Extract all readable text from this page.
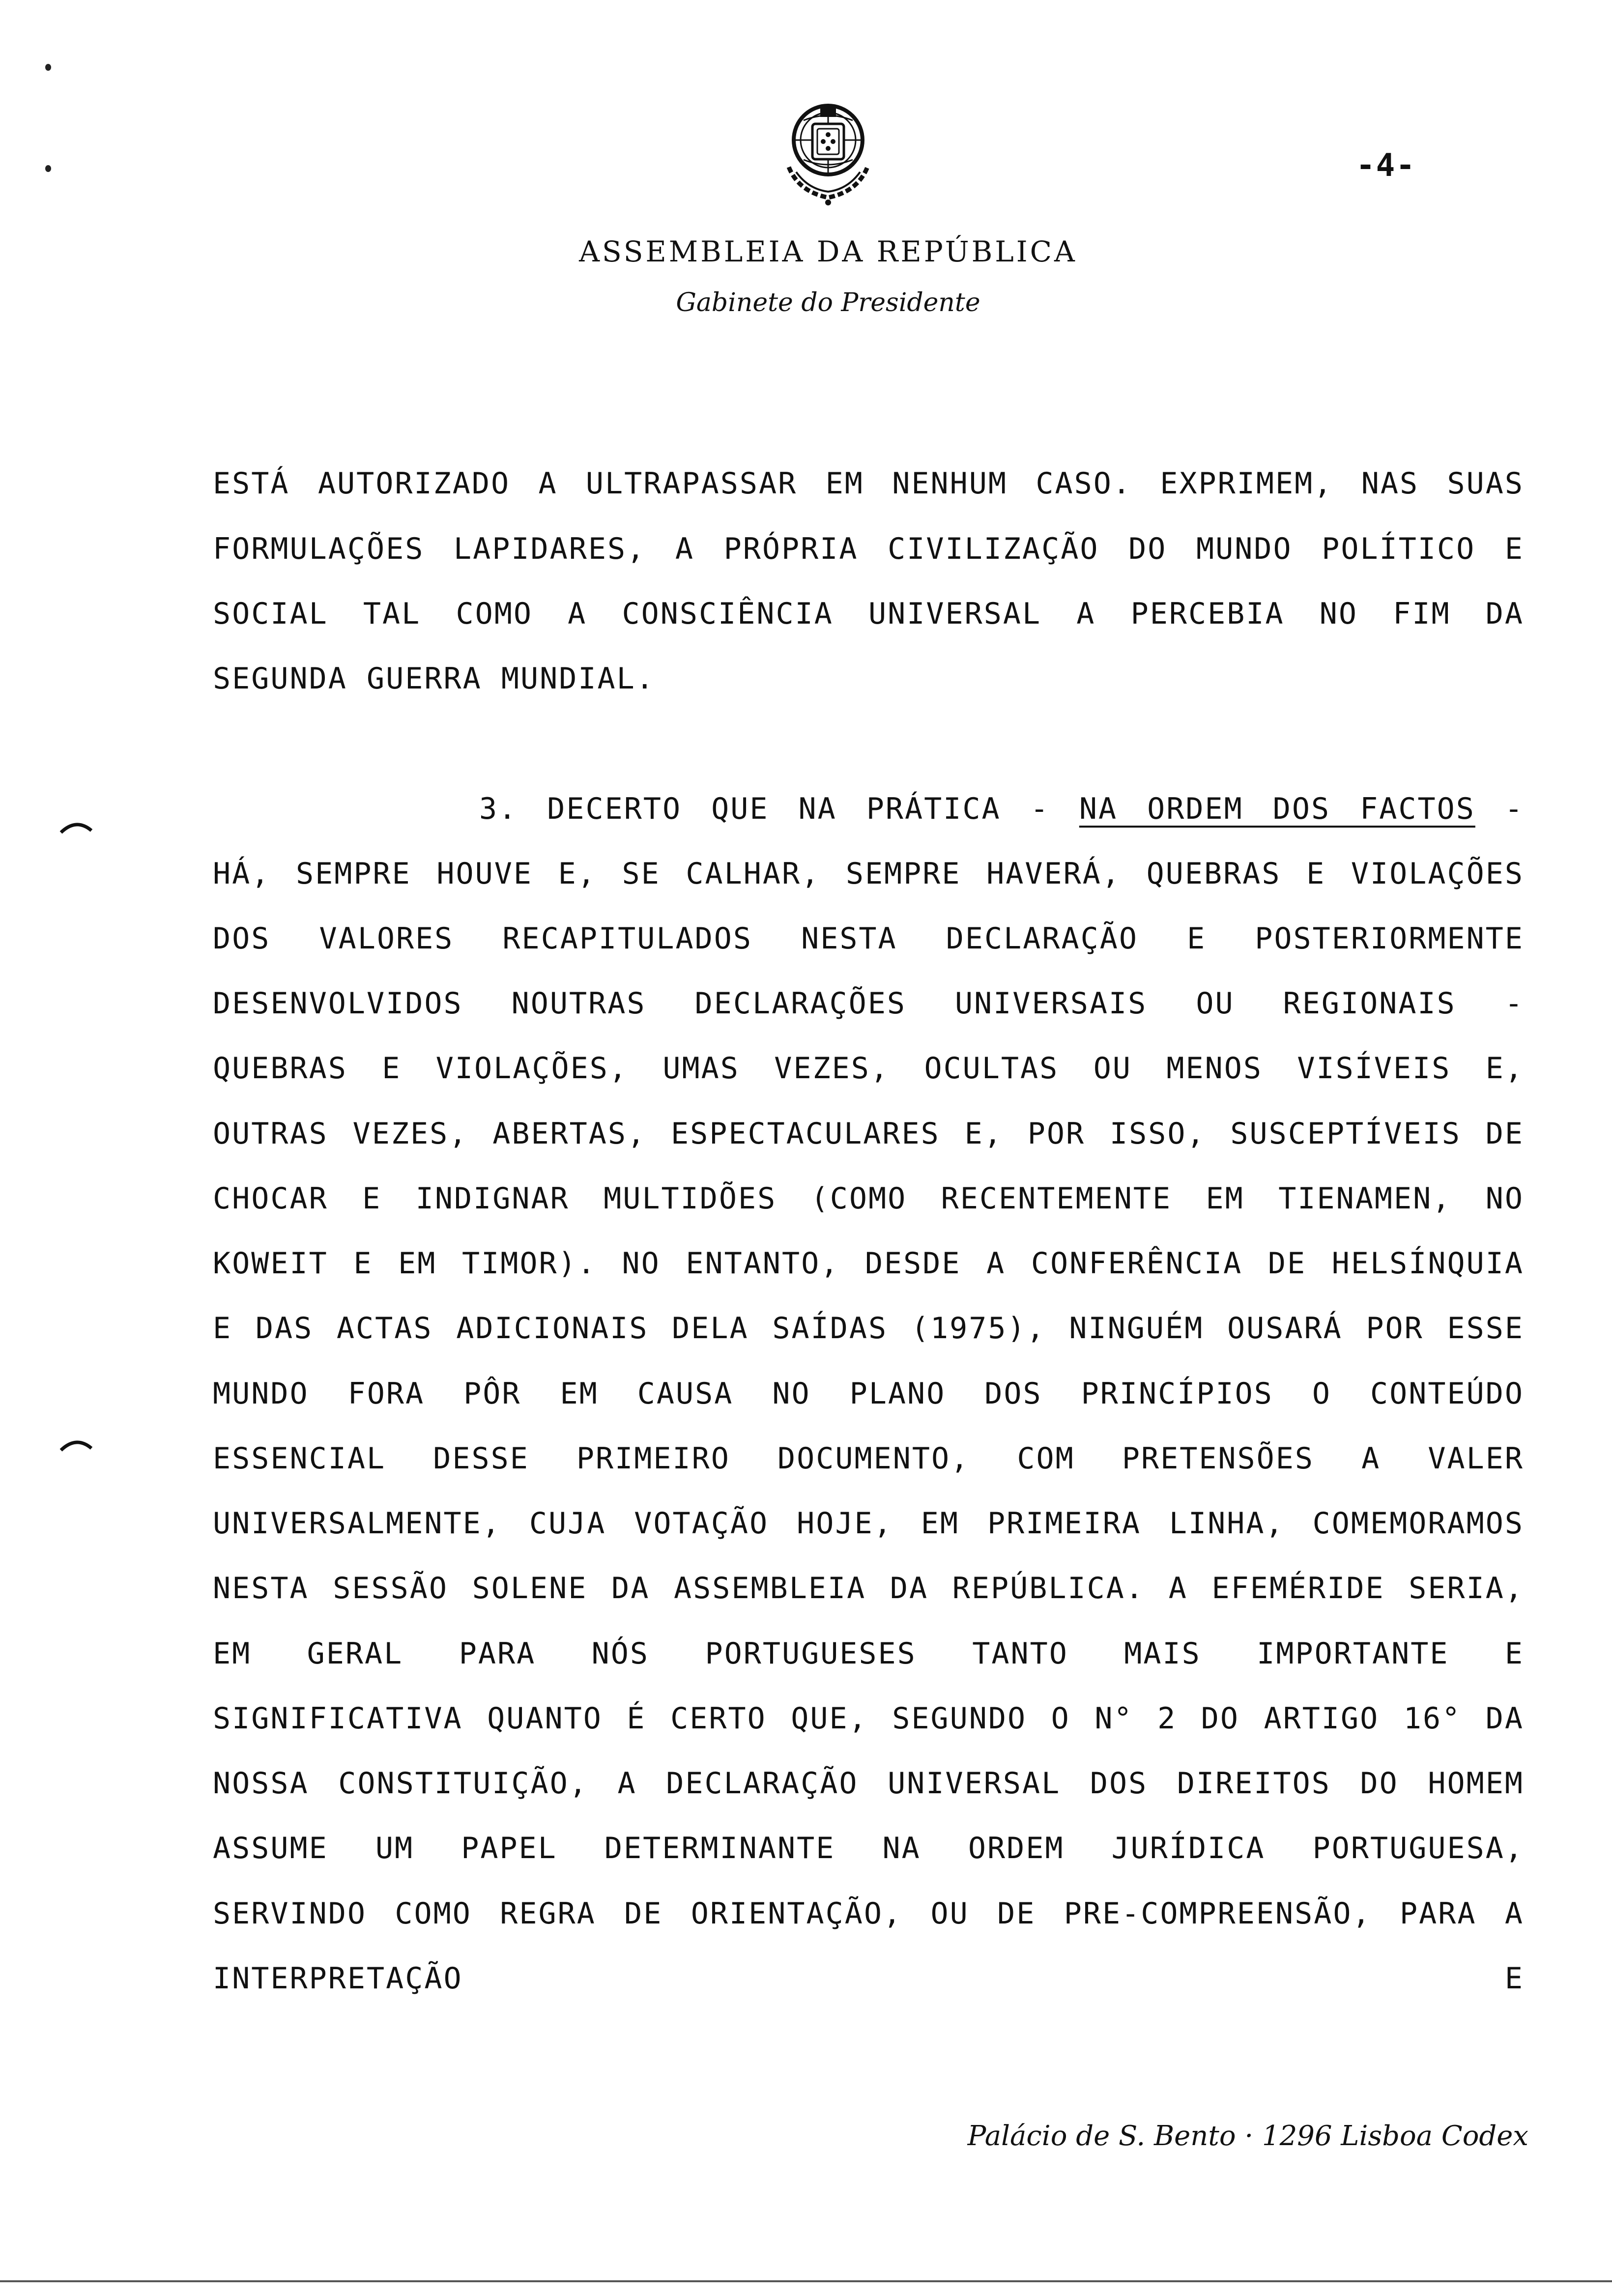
-4-
ASSEMBLEIA DA REPÚBLICA
Gabinete do Presidente
ESTÁ AUTORIZADO A ULTRAPASSAR EM NENHUM CASO. EXPRIMEM, NAS SUAS
FORMULAÇÕES LAPIDARES, A PRÓPRIA CIVILIZAÇÃO DO MUNDO POLÍTICO E
SOCIAL TAL COMO A CONSCIÊNCIA UNIVERSAL A PERCEBIA NO FIM DA
SEGUNDA GUERRA MUNDIAL.
3. DECERTO QUE NA PRÁTICA - NA ORDEM DOS FACTOS -
HÁ, SEMPRE HOUVE E, SE CALHAR, SEMPRE HAVERÁ, QUEBRAS E VIOLAÇÕES
DOS VALORES RECAPITULADOS NESTA DECLARAÇÃO E POSTERIORMENTE
DESENVOLVIDOS NOUTRAS DECLARAÇÕES UNIVERSAIS OU REGIONAIS -
QUEBRAS E VIOLAÇÕES, UMAS VEZES, OCULTAS OU MENOS VISÍVEIS E,
OUTRAS VEZES, ABERTAS, ESPECTACULARES E, POR ISSO, SUSCEPTÍVEIS DE
CHOCAR E INDIGNAR MULTIDÕES (COMO RECENTEMENTE EM TIENAMEN, NO
KOWEIT E EM TIMOR). NO ENTANTO, DESDE A CONFERÊNCIA DE HELSÍNQUIA
E DAS ACTAS ADICIONAIS DELA SAÍDAS (1975), NINGUÉM OUSARÁ POR ESSE
MUNDO FORA PÔR EM CAUSA NO PLANO DOS PRINCÍPIOS O CONTEÚDO
ESSENCIAL DESSE PRIMEIRO DOCUMENTO, COM PRETENSÕES A VALER
UNIVERSALMENTE, CUJA VOTAÇÃO HOJE, EM PRIMEIRA LINHA, COMEMORAMOS
NESTA SESSÃO SOLENE DA ASSEMBLEIA DA REPÚBLICA. A EFEMÉRIDE SERIA,
EM GERAL PARA NÓS PORTUGUESES TANTO MAIS IMPORTANTE E
SIGNIFICATIVA QUANTO É CERTO QUE, SEGUNDO O N° 2 DO ARTIGO 16° DA
NOSSA CONSTITUIÇÃO, A DECLARAÇÃO UNIVERSAL DOS DIREITOS DO HOMEM
ASSUME UM PAPEL DETERMINANTE NA ORDEM JURÍDICA PORTUGUESA,
SERVINDO COMO REGRA DE ORIENTAÇÃO, OU DE PRE-COMPREENSÃO, PARA A
INTERPRETAÇÃO E
Palácio de S. Bento · 1296 Lisboa Codex
